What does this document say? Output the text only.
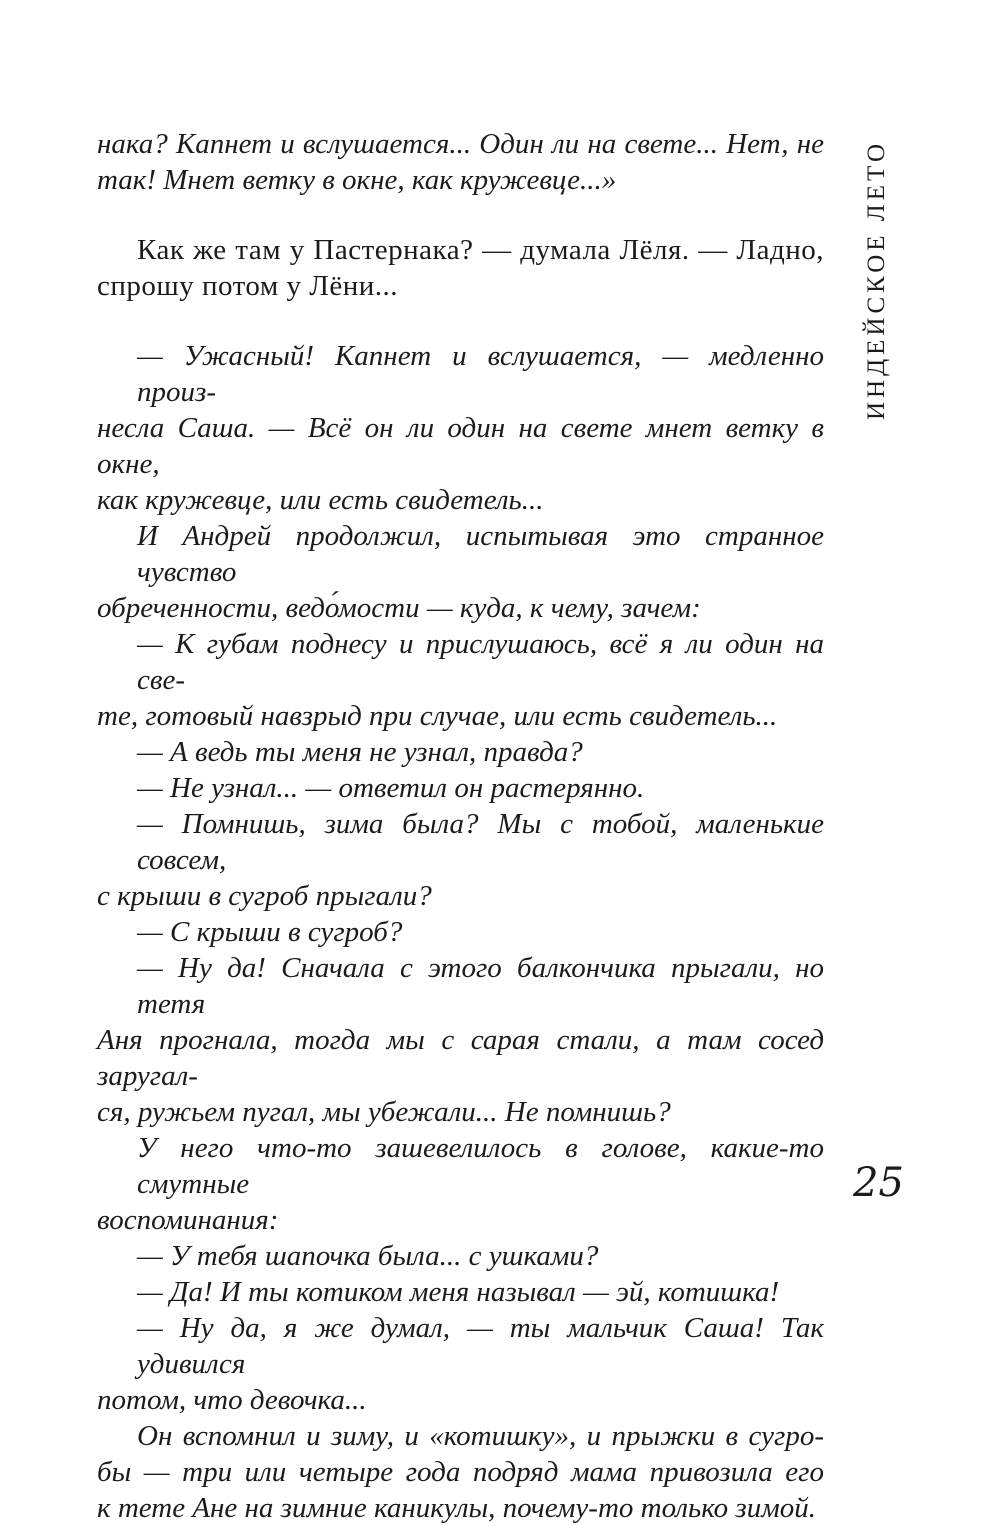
ИНДЕЙСКОЕ ЛЕТО
нака? Капнет и вслушается... Один ли на свете... Нет, не
так! Мнет ветку в окне, как кружевце...»
Как же там у Пастернака? — думала Лёля. — Ладно,
спрошу потом у Лёни...
— Ужасный! Капнет и вслушается, — медленно произ-
несла Саша. — Всё он ли один на свете мнет ветку в окне,
как кружевце, или есть свидетель...
И Андрей продолжил, испытывая это странное чувство
обреченности, ведо́мости — куда, к чему, зачем:
— К губам поднесу и прислушаюсь, всё я ли один на све-
те, готовый навзрыд при случае, или есть свидетель...
— А ведь ты меня не узнал, правда?
— Не узнал... — ответил он растерянно.
— Помнишь, зима была? Мы с тобой, маленькие совсем,
с крыши в сугроб прыгали?
— С крыши в сугроб?
— Ну да! Сначала с этого балкончика прыгали, но тетя
Аня прогнала, тогда мы с сарая стали, а там сосед заругал-
ся, ружьем пугал, мы убежали... Не помнишь?
У него что-то зашевелилось в голове, какие-то смутные
воспоминания:
— У тебя шапочка была... с ушками?
— Да! И ты котиком меня называл — эй, котишка!
— Ну да, я же думал, — ты мальчик Саша! Так удивился
потом, что девочка...
Он вспомнил и зиму, и «котишку», и прыжки в сугро-
бы — три или четыре года подряд мама привозила его
к тете Ане на зимние каникулы, почему-то только зимой.
25
